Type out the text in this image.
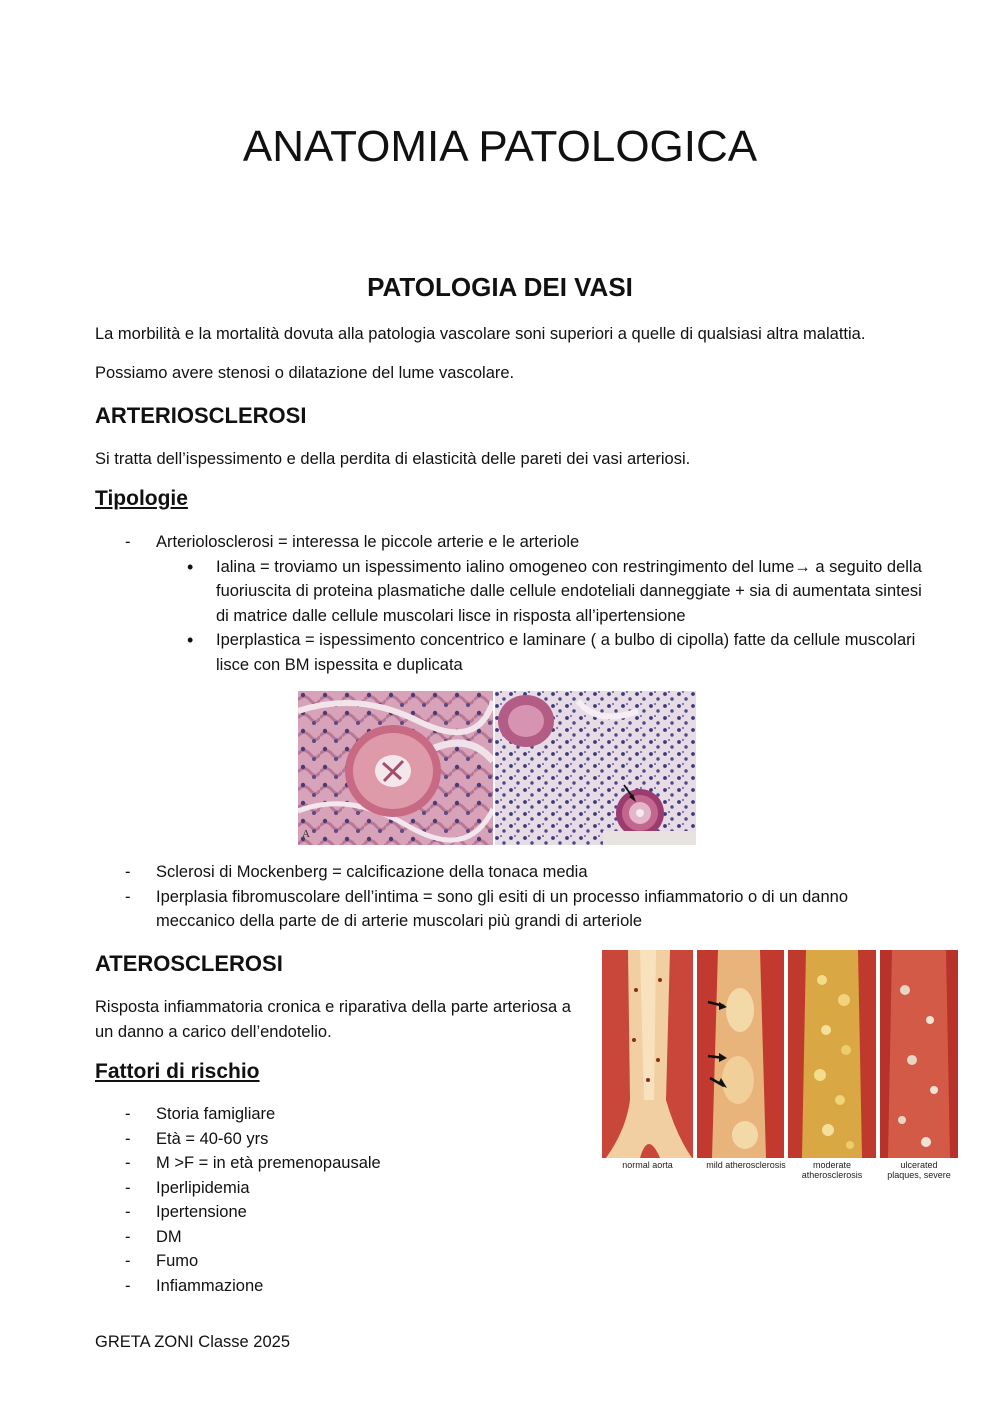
ANATOMIA PATOLOGICA
PATOLOGIA DEI VASI

La morbilità e la mortalità dovuta alla patologia vascolare soni superiori a quelle di qualsiasi altra malattia.

Possiamo avere stenosi o dilatazione del lume vascolare.

ARTERIOSCLEROSI

Si tratta dell’ispessimento e della perdita di elasticità delle pareti dei vasi arteriosi.

Tipologie
- Arteriolosclerosi = interessa le piccole arterie e le arteriole
• Ialina = troviamo un ispessimento ialino omogeneo con restringimento del lume→ a seguito della fuoriuscita di proteina plasmatiche dalle cellule endoteliali danneggiate + sia di aumentata sintesi di matrice dalle cellule muscolari lisce in risposta all’ipertensione
• Iperplastica = ispessimento concentrico e laminare ( a bulbo di cipolla) fatte da cellule muscolari lisce con BM ispessita e duplicata
A
- Sclerosi di Mockenberg = calcificazione della tonaca media
- Iperplasia fibromuscolare dell’intima = sono gli esiti di un processo infiammatorio o di un danno meccanico della parte de di arterie muscolari più grandi di arteriole
ATEROSCLEROSI

Risposta infiammatoria cronica e riparativa della parte arteriosa a un danno a carico dell’endotelio.

Fattori di rischio
- Storia famigliare
- Età = 40-60 yrs
- M >F = in età premenopausale
- Iperlipidemia
- Ipertensione
- DM
- Fumo
- Infiammazione
normal aorta	mild atherosclerosis	moderate atherosclerosis
ulcerated plaques, severe
GRETA ZONI Classe 2025
